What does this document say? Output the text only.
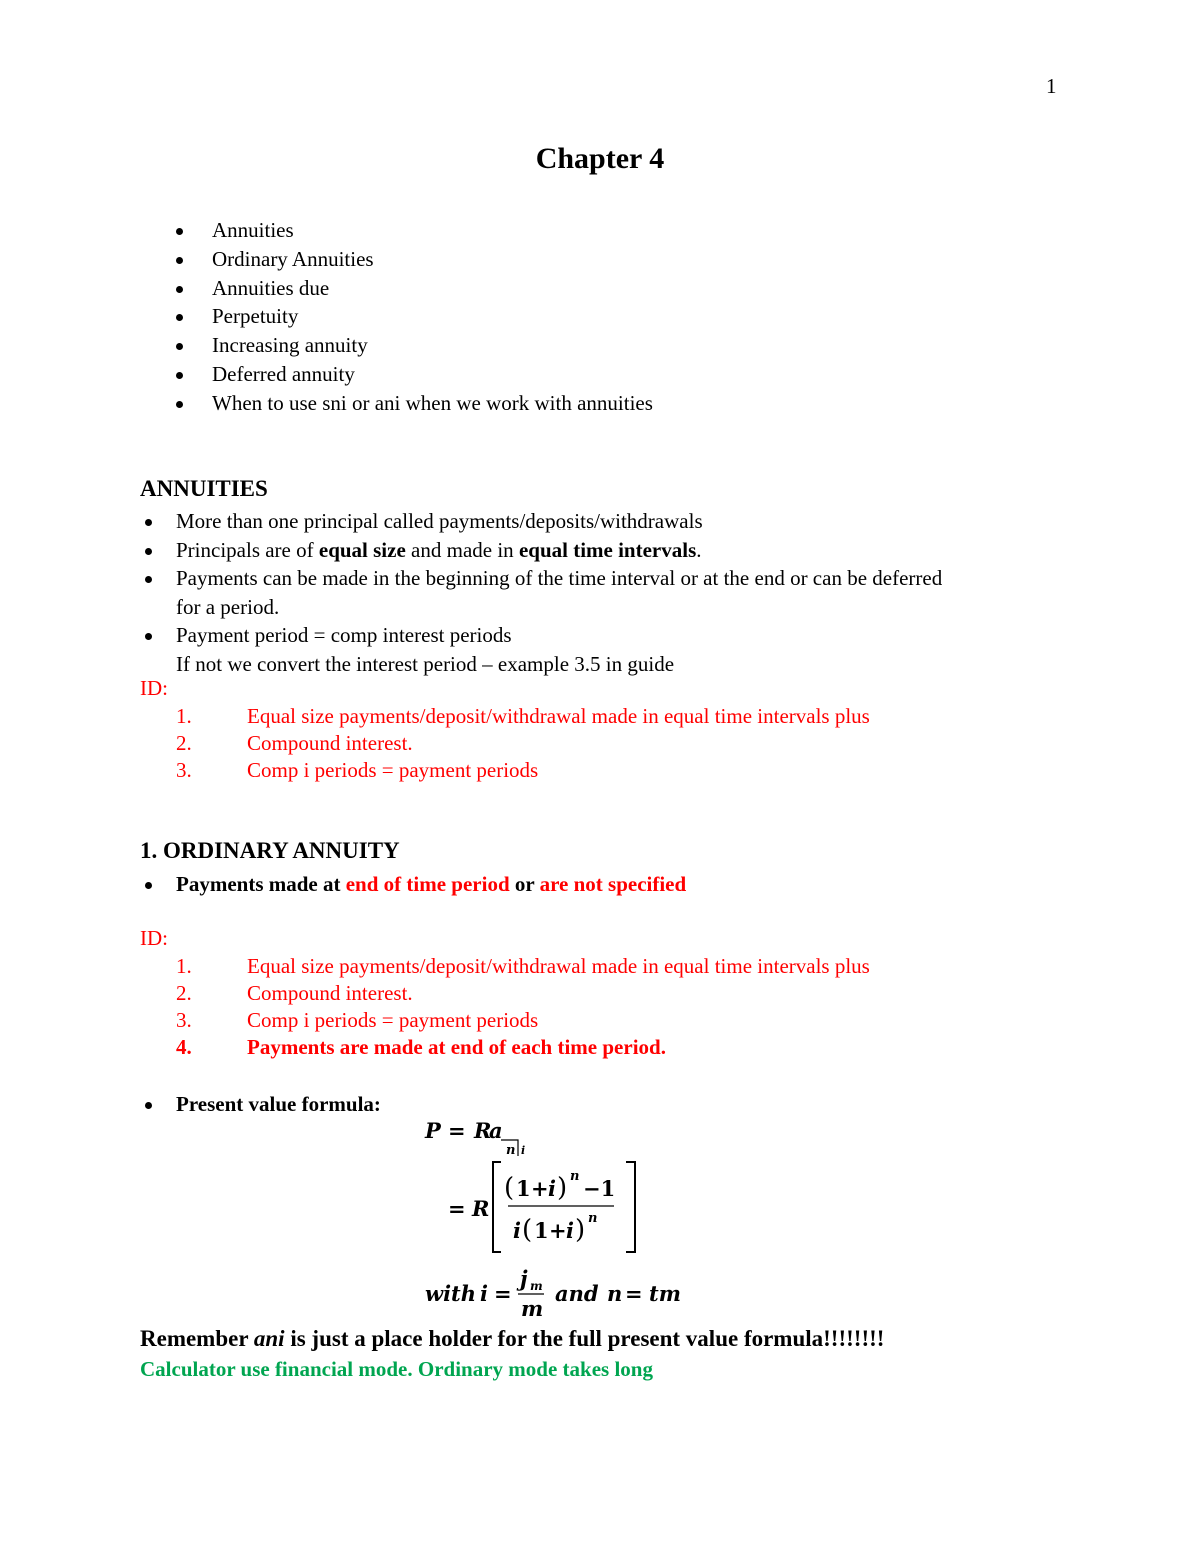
1
Chapter 4
Annuities
Ordinary Annuities
Annuities due
Perpetuity
Increasing annuity
Deferred annuity
When to use sni or ani when we work with annuities
ANNUITIES
More than one principal called payments/deposits/withdrawals
Principals are of equal size and made in equal time intervals.
Payments can be made in the beginning of the time interval or at the end or can be deferred
for a period.
Payment period = comp interest periods
If not we convert the interest period – example 3.5 in guide
ID:
1.	Equal size payments/deposit/withdrawal made in equal time intervals plus
2.	Compound interest.
3.	Comp i periods = payment periods
1. ORDINARY ANNUITY
Payments made at end of time period or are not specified
ID:
1.	Equal size payments/deposit/withdrawal made in equal time intervals plus
2.	Compound interest.
3.	Comp i periods = payment periods
4.	Payments are made at end of each time period.
Present value formula:
P = R
a
n i
= R
( 1 + i ) n −1
i ( 1 + i ) n
with i =
j m
m
and n = tm
Remember ani is just a place holder for the full present value formula!!!!!!!!
Calculator use financial mode. Ordinary mode takes long
